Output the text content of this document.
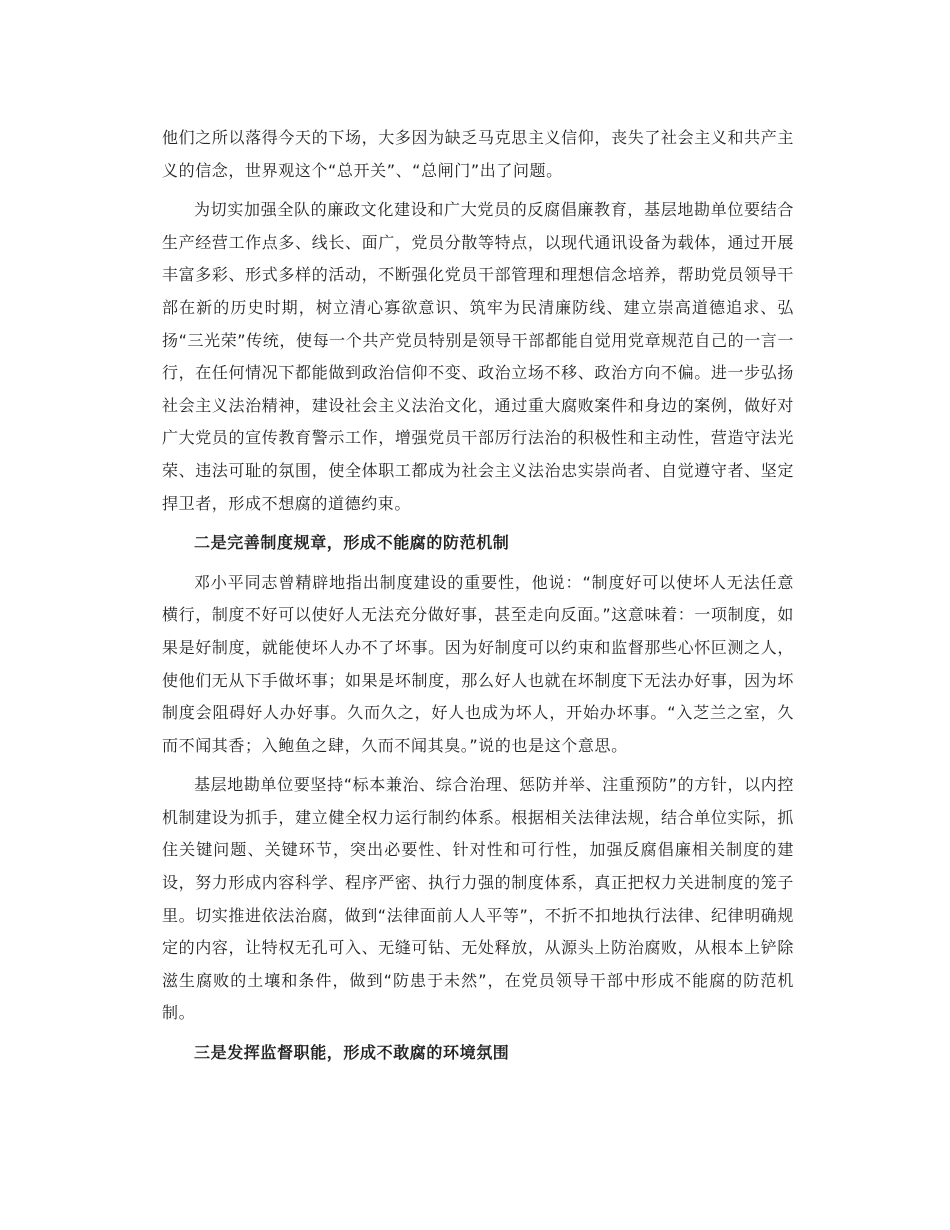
他们之所以落得今天的下场，大多因为缺乏马克思主义信仰，丧失了社会主义和共产主义的信念，世界观这个“总开关”、“总闸门”出了问题。

为切实加强全队的廉政文化建设和广大党员的反腐倡廉教育，基层地勘单位要结合生产经营工作点多、线长、面广，党员分散等特点，以现代通讯设备为载体，通过开展丰富多彩、形式多样的活动，不断强化党员干部管理和理想信念培养，帮助党员领导干部在新的历史时期，树立清心寡欲意识、筑牢为民清廉防线、建立崇高道德追求、弘扬“三光荣”传统，使每一个共产党员特别是领导干部都能自觉用党章规范自己的一言一行，在任何情况下都能做到政治信仰不变、政治立场不移、政治方向不偏。进一步弘扬社会主义法治精神，建设社会主义法治文化，通过重大腐败案件和身边的案例，做好对广大党员的宣传教育警示工作，增强党员干部厉行法治的积极性和主动性，营造守法光荣、违法可耻的氛围，使全体职工都成为社会主义法治忠实崇尚者、自觉遵守者、坚定捍卫者，形成不想腐的道德约束。

二是完善制度规章，形成不能腐的防范机制

邓小平同志曾精辟地指出制度建设的重要性，他说：“制度好可以使坏人无法任意横行，制度不好可以使好人无法充分做好事，甚至走向反面。”这意味着：一项制度，如果是好制度，就能使坏人办不了坏事。因为好制度可以约束和监督那些心怀叵测之人，使他们无从下手做坏事；如果是坏制度，那么好人也就在坏制度下无法办好事，因为坏制度会阻碍好人办好事。久而久之，好人也成为坏人，开始办坏事。“入芝兰之室，久而不闻其香；入鲍鱼之肆，久而不闻其臭。”说的也是这个意思。

基层地勘单位要坚持“标本兼治、综合治理、惩防并举、注重预防”的方针，以内控机制建设为抓手，建立健全权力运行制约体系。根据相关法律法规，结合单位实际，抓住关键问题、关键环节，突出必要性、针对性和可行性，加强反腐倡廉相关制度的建设，努力形成内容科学、程序严密、执行力强的制度体系，真正把权力关进制度的笼子里。切实推进依法治腐，做到“法律面前人人平等”，不折不扣地执行法律、纪律明确规定的内容，让特权无孔可入、无缝可钻、无处释放，从源头上防治腐败，从根本上铲除滋生腐败的土壤和条件，做到“防患于未然”，在党员领导干部中形成不能腐的防范机制。

三是发挥监督职能，形成不敢腐的环境氛围
